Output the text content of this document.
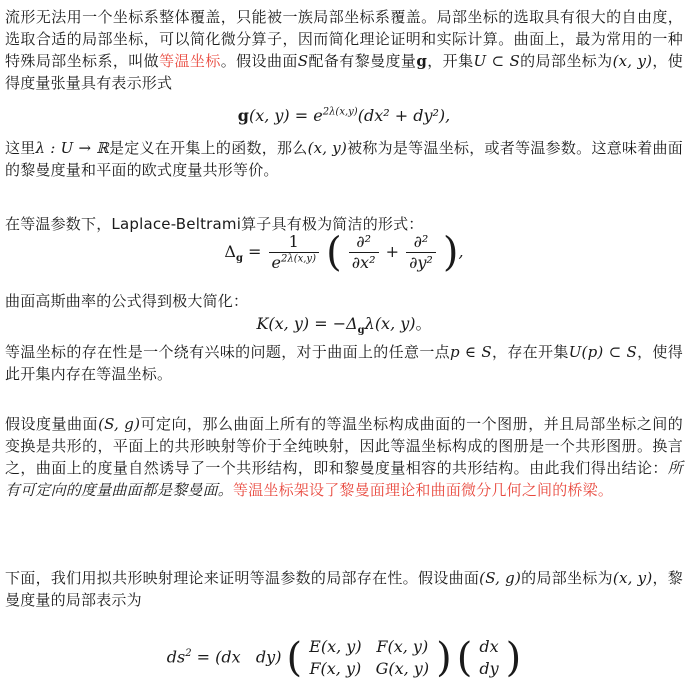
流形无法用一个坐标系整体覆盖，只能被一族局部坐标系覆盖。局部坐标的选取具有很大的自由度，选取合适的局部坐标，可以简化微分算子，因而简化理论证明和实际计算。曲面上，最为常用的一种特殊局部坐标系，叫做等温坐标。假设曲面S配备有黎曼度量g，开集U ⊂ S的局部坐标为(x, y)，使得度量张量具有表示形式
g(x, $y) = e^{2\lambda(x,y)}(dx^2 + dy^2)$,
这里λ : U → ℝ是定义在开集上的函数，那么(x, y)被称为是等温坐标，或者等温参数。这意味着曲面的黎曼度量和平面的欧式度量共形等价。
在等温参数下，Laplace-Beltrami算子具有极为简洁的形式：
$\Delta_g = \frac{1}{e^{2\lambda(x,y)}}$ ( $\frac{\text{∂²}}{\text{∂x²}} + \frac{\text{∂²}}{\text{∂y²}}$ ),
曲面高斯曲率的公式得到极大简化：
K(x, $y) = -\Delta_g\lambda(x$, y)。
等温坐标的存在性是一个绕有兴味的问题，对于曲面上的任意一点p ∈ S，存在开集U(p) ⊂ S，使得此开集内存在等温坐标。
假设度量曲面(S, g)可定向，那么曲面上所有的等温坐标构成曲面的一个图册，并且局部坐标之间的变换是共形的，平面上的共形映射等价于全纯映射，因此等温坐标构成的图册是一个共形图册。换言之，曲面上的度量自然诱导了一个共形结构，即和黎曼度量相容的共形结构。由此我们得出结论：所有可定向的度量曲面都是黎曼面。等温坐标架设了黎曼面理论和曲面微分几何之间的桥梁。
下面，我们用拟共形映射理论来证明等温参数的局部存在性。假设曲面(S, g)的局部坐标为(x, y)，黎曼度量的局部表示为
$ds^2 = (dx$   dy) ( E(x, y)	F(x, y)
F(x, y)	G(x, y) ) ( dx
dy )
